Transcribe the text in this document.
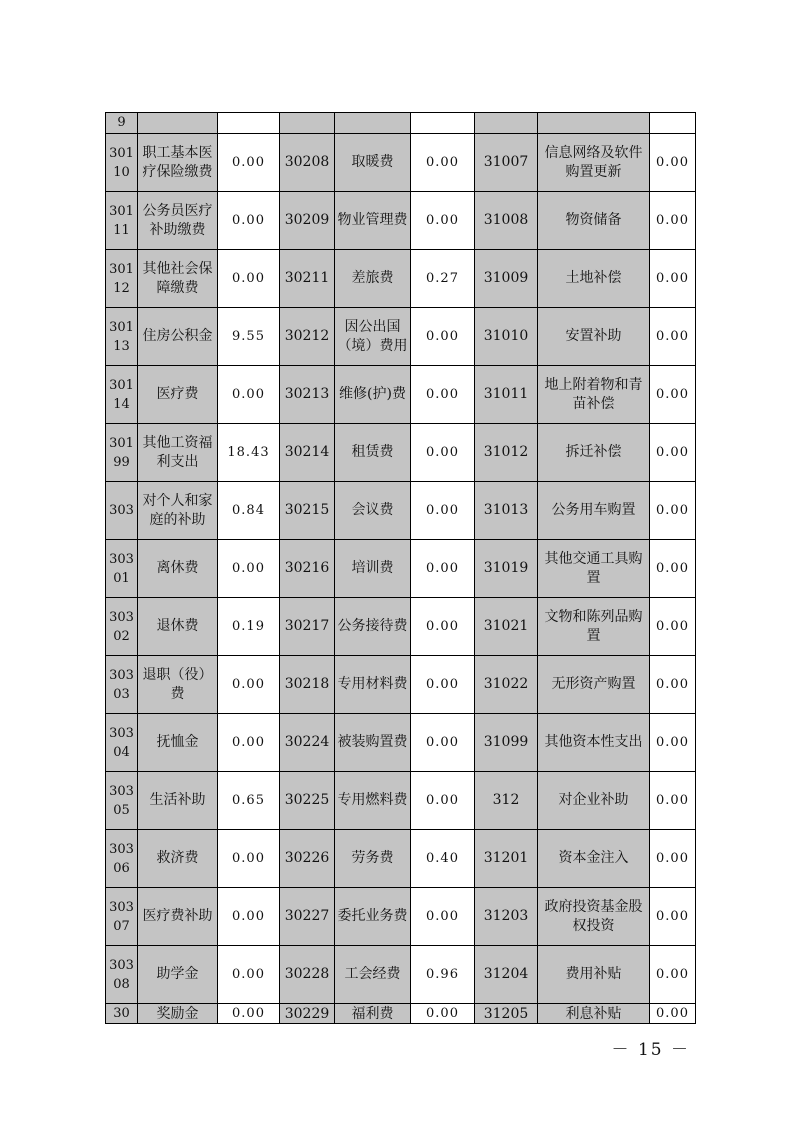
9								
30110	职工基本医疗保险缴费	0.00	30208	取暖费	0.00	31007	信息网络及软件购置更新	0.00
30111	公务员医疗补助缴费	0.00	30209	物业管理费	0.00	31008	物资储备	0.00
30112	其他社会保障缴费	0.00	30211	差旅费	0.27	31009	土地补偿	0.00
30113	住房公积金	9.55	30212	因公出国（境）费用	0.00	31010	安置补助	0.00
30114	医疗费	0.00	30213	维修(护)费	0.00	31011	地上附着物和青苗补偿	0.00
30199	其他工资福利支出	18.43	30214	租赁费	0.00	31012	拆迁补偿	0.00
303	对个人和家庭的补助	0.84	30215	会议费	0.00	31013	公务用车购置	0.00
30301	离休费	0.00	30216	培训费	0.00	31019	其他交通工具购置	0.00
30302	退休费	0.19	30217	公务接待费	0.00	31021	文物和陈列品购置	0.00
30303	退职（役）费	0.00	30218	专用材料费	0.00	31022	无形资产购置	0.00
30304	抚恤金	0.00	30224	被装购置费	0.00	31099	其他资本性支出	0.00
30305	生活补助	0.65	30225	专用燃料费	0.00	312	对企业补助	0.00
30306	救济费	0.00	30226	劳务费	0.40	31201	资本金注入	0.00
30307	医疗费补助	0.00	30227	委托业务费	0.00	31203	政府投资基金股权投资	0.00
30308	助学金	0.00	30228	工会经费	0.96	31204	费用补贴	0.00
30	奖励金	0.00	30229	福利费	0.00	31205	利息补贴	0.00
－ 15 －
